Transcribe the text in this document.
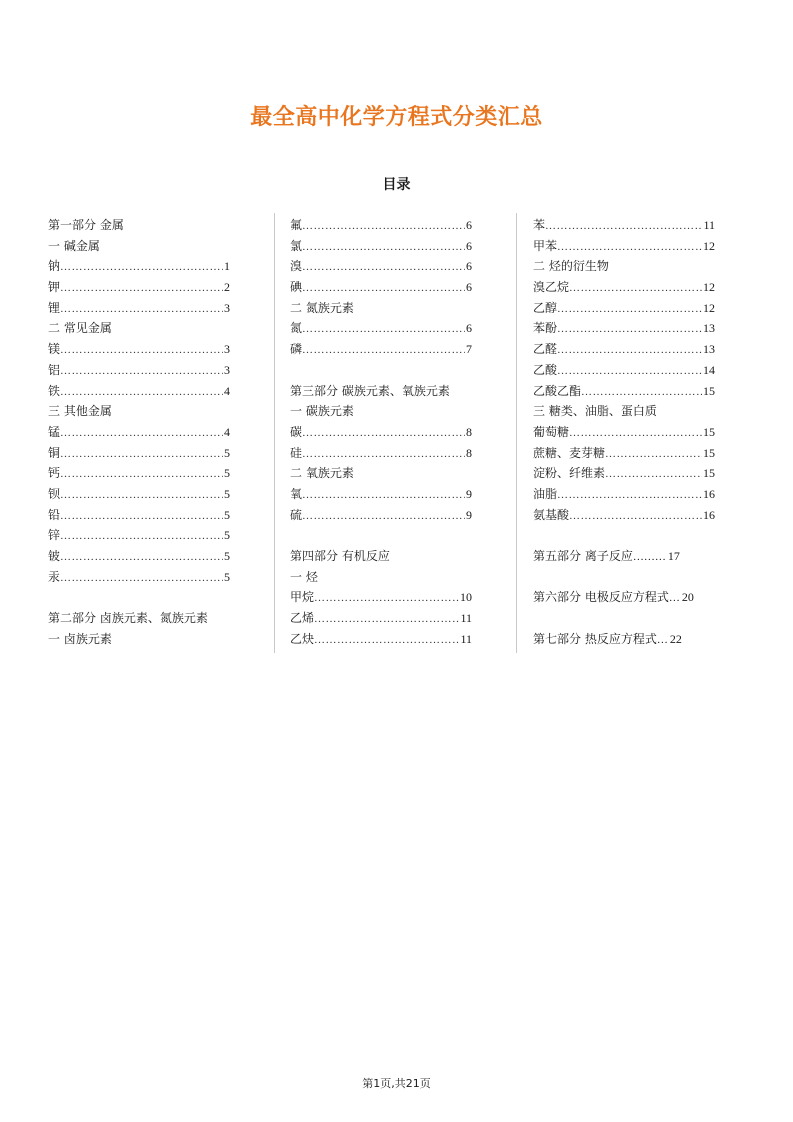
最全高中化学方程式分类汇总
目录
第一部分 金属
一 碱金属
钠 ………………………………………………………………………………………………	1
钾 ………………………………………………………………………………………………	2
锂 ………………………………………………………………………………………………	3
二 常见金属
镁 ………………………………………………………………………………………………	3
铝 ………………………………………………………………………………………………	3
铁 ………………………………………………………………………………………………	4
三 其他金属
锰 ………………………………………………………………………………………………	4
铜 ………………………………………………………………………………………………	5
钙 ………………………………………………………………………………………………	5
钡 ………………………………………………………………………………………………	5
铅 ………………………………………………………………………………………………	5
锌 ………………………………………………………………………………………………	5
铍 ………………………………………………………………………………………………	5
汞 ………………………………………………………………………………………………	5
第二部分 卤族元素、氮族元素
一 卤族元素
氟 ………………………………………………………………………………………………	6
氯 ………………………………………………………………………………………………	6
溴 ………………………………………………………………………………………………	6
碘 ………………………………………………………………………………………………	6
二 氮族元素
氮 ………………………………………………………………………………………………	6
磷 ………………………………………………………………………………………………	7
第三部分 碳族元素、氧族元素
一 碳族元素
碳 ………………………………………………………………………………………………	8
硅 ………………………………………………………………………………………………	8
二 氧族元素
氧 ………………………………………………………………………………………………	9
硫 ………………………………………………………………………………………………	9
第四部分 有机反应
一 烃
甲烷 ………………………………………………………………………………………………	10
乙烯 ………………………………………………………………………………………………	11
乙炔 ………………………………………………………………………………………………	11
苯 ………………………………………………………………………………………………	11
甲苯 ………………………………………………………………………………………………	12
二 烃的衍生物
溴乙烷 ………………………………………………………………………………………………	12
乙醇 ………………………………………………………………………………………………	12
苯酚 ………………………………………………………………………………………………	13
乙醛 ………………………………………………………………………………………………	13
乙酸 ………………………………………………………………………………………………	14
乙酸乙酯 ………………………………………………………………………………………………	15
三 糖类、油脂、蛋白质
葡萄糖 ………………………………………………………………………………………………	15
蔗糖、麦芽糖 ………………………………………………………………………………………………	15
淀粉、纤维素 ………………………………………………………………………………………………	15
油脂 ………………………………………………………………………………………………	16
氨基酸 ………………………………………………………………………………………………	16
第五部分 离子反应 ……… 17
第六部分 电极反应方程式 … 20
第七部分 热反应方程式 … 22
第1页,共21页
